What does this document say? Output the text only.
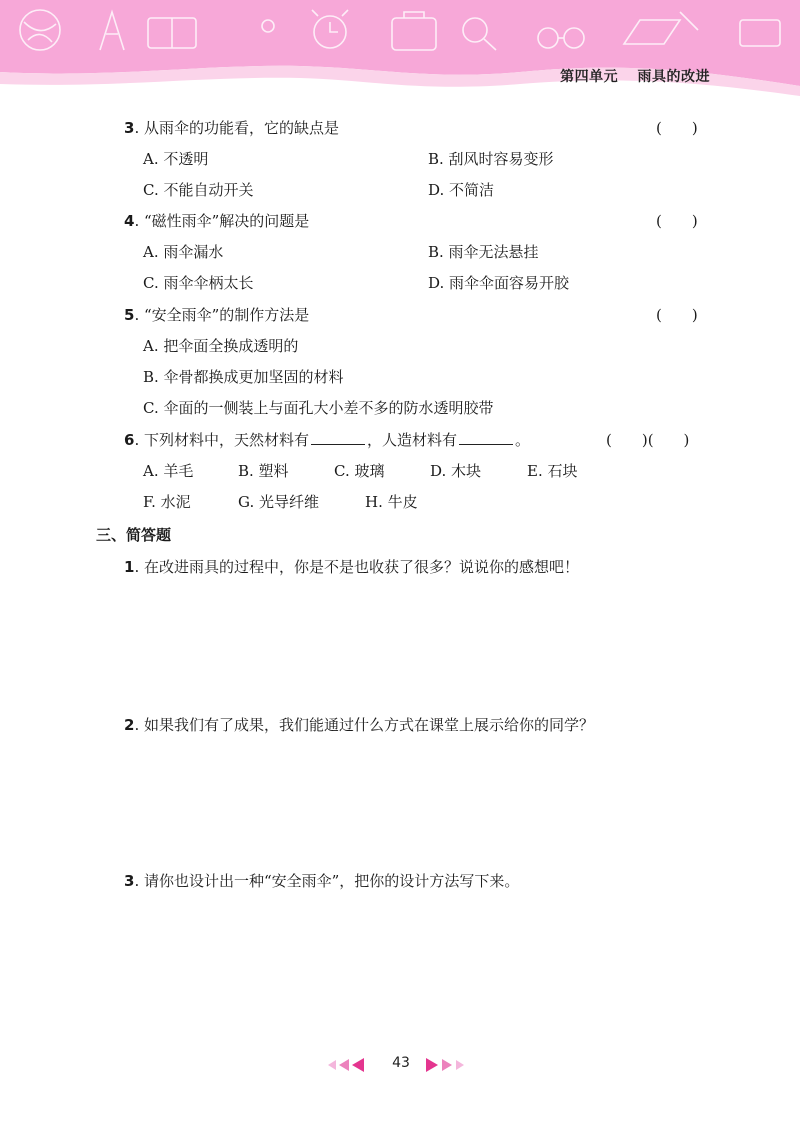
第四单元 雨具的改进
3. 从雨伞的功能看，它的缺点是	(　　)
A. 不透明	B. 刮风时容易变形
C. 不能自动开关	D. 不简洁
4. “磁性雨伞”解决的问题是	(　　)
A. 雨伞漏水	B. 雨伞无法悬挂
C. 雨伞伞柄太长	D. 雨伞伞面容易开胶
5. “安全雨伞”的制作方法是	(　　)
A. 把伞面全换成透明的
B. 伞骨都换成更加坚固的材料
C. 伞面的一侧装上与面孔大小差不多的防水透明胶带
6. 下列材料中，天然材料有	，人造材料有	。	(　　)(　　)
A. 羊毛	B. 塑料	C. 玻璃	D. 木块	E. 石块
F. 水泥	G. 光导纤维	H. 牛皮
三、简答题
1. 在改进雨具的过程中，你是不是也收获了很多？说说你的感想吧！
2. 如果我们有了成果，我们能通过什么方式在课堂上展示给你的同学？
3. 请你也设计出一种“安全雨伞”，把你的设计方法写下来。
43
